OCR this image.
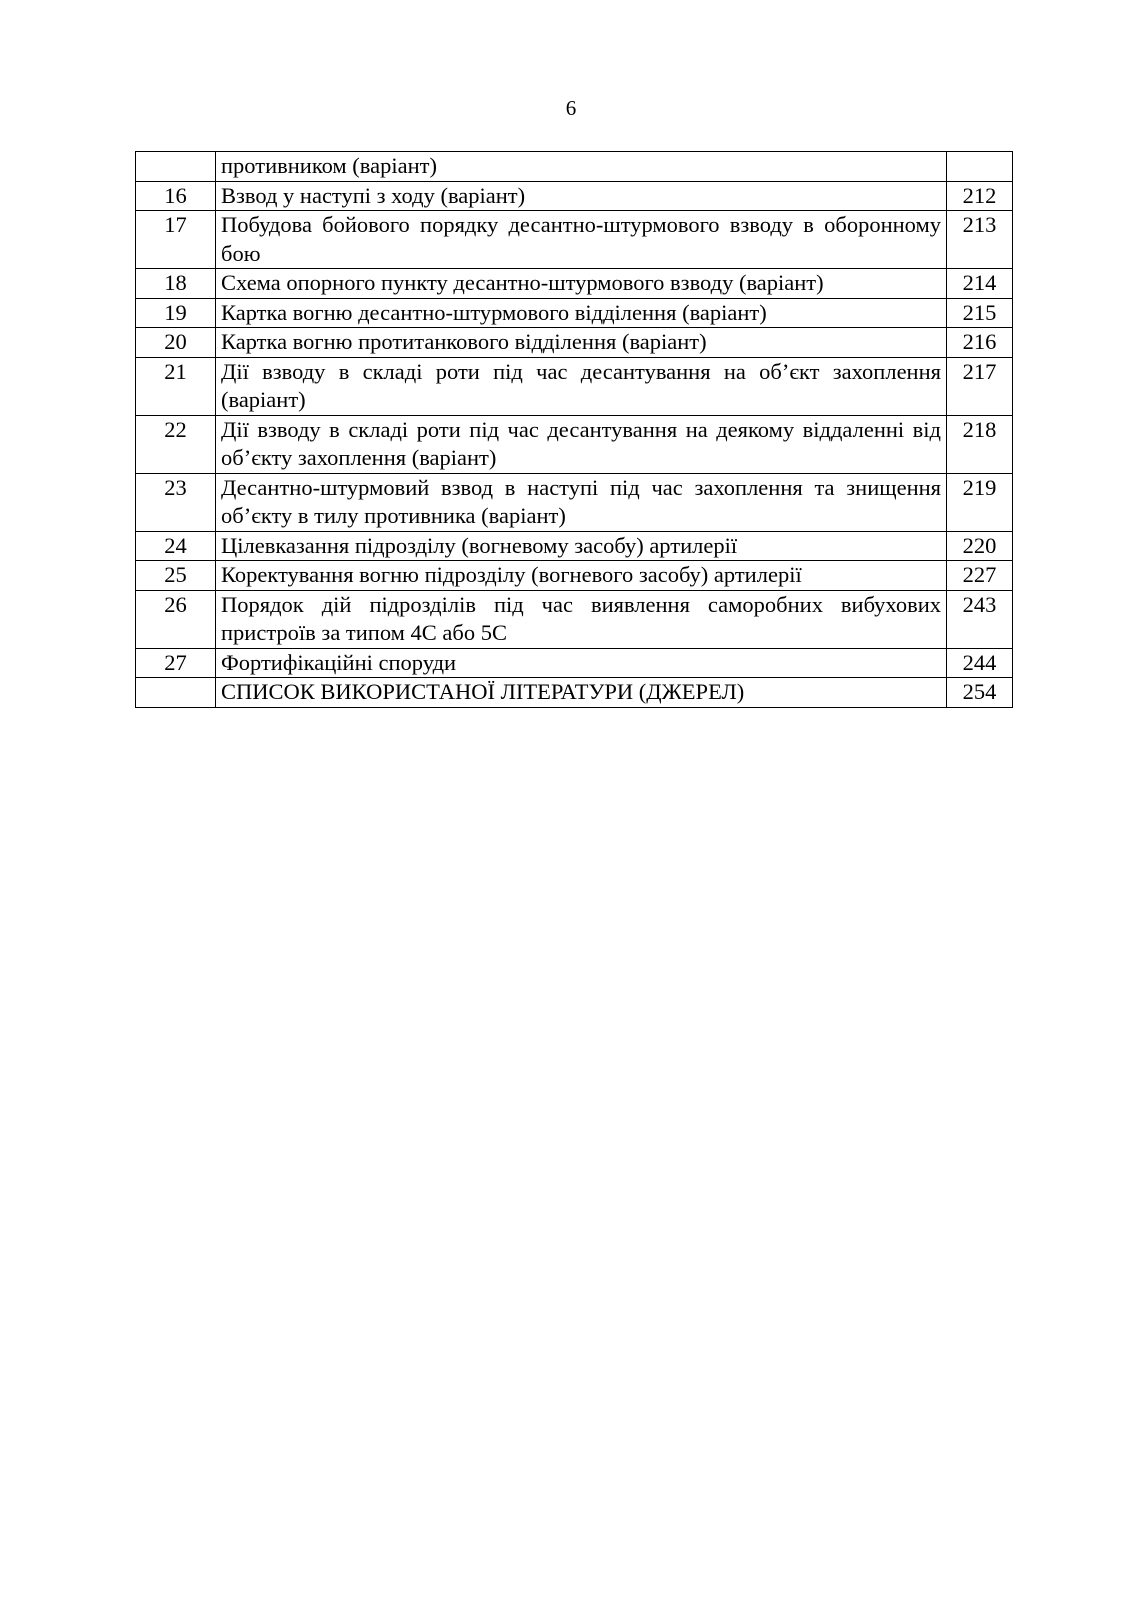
6
	противником (варіант)	
16	Взвод у наступі з ходу (варіант)	212
17	Побудова бойового порядку десантно-штурмового взводу в оборонному бою	213
18	Схема опорного пункту десантно-штурмового взводу (варіант)	214
19	Картка вогню десантно-штурмового відділення (варіант)	215
20	Картка вогню протитанкового відділення (варіант)	216
21	Дії взводу в складі роти під час десантування на об’єкт захоплення (варіант)	217
22	Дії взводу в складі роти під час десантування на деякому віддаленні від об’єкту захоплення (варіант)	218
23	Десантно-штурмовий взвод в наступі під час захоплення та знищення об’єкту в тилу противника (варіант)	219
24	Цілевказання підрозділу (вогневому засобу) артилерії	220
25	Коректування вогню підрозділу (вогневого засобу) артилерії	227
26	Порядок дій підрозділів під час виявлення саморобних вибухових пристроїв за типом 4С або 5С	243
27	Фортифікаційні споруди	244
	СПИСОК ВИКОРИСТАНОЇ ЛІТЕРАТУРИ (ДЖЕРЕЛ)	254
